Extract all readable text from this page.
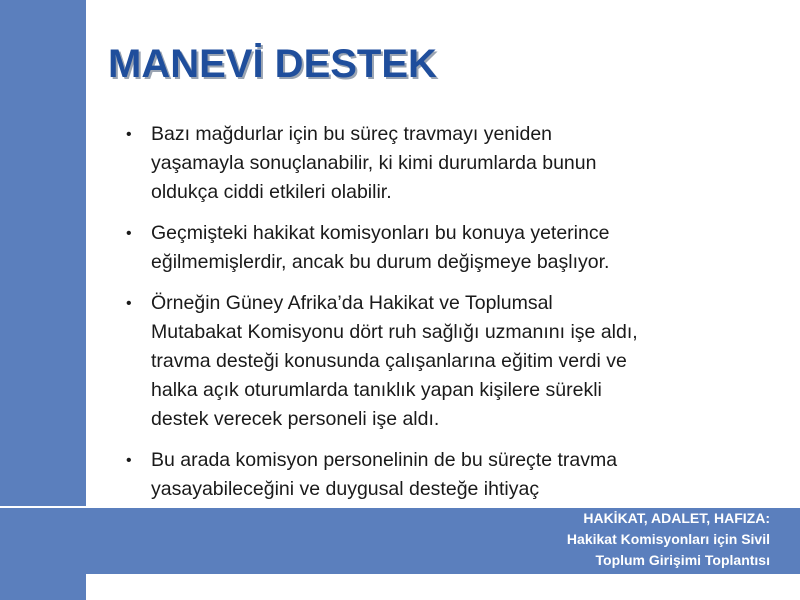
MANEVİ DESTEK
• Bazı mağdurlar için bu süreç travmayı yeniden
yaşamayla sonuçlanabilir, ki kimi durumlarda bunun
oldukça ciddi etkileri olabilir.
• Geçmişteki hakikat komisyonları bu konuya yeterince
eğilmemişlerdir, ancak bu durum değişmeye başlıyor.
• Örneğin Güney Afrika’da Hakikat ve Toplumsal
Mutabakat Komisyonu dört ruh sağlığı uzmanını işe aldı,
travma desteği konusunda çalışanlarına eğitim verdi ve
halka açık oturumlarda tanıklık yapan kişilere sürekli
destek verecek personeli işe aldı.
• Bu arada komisyon personelinin de bu süreçte travma
yasayabileceğini ve duygusal desteğe ihtiyaç
HAKİKAT, ADALET, HAFIZA:
Hakikat Komisyonları için Sivil
Toplum Girişimi Toplantısı
